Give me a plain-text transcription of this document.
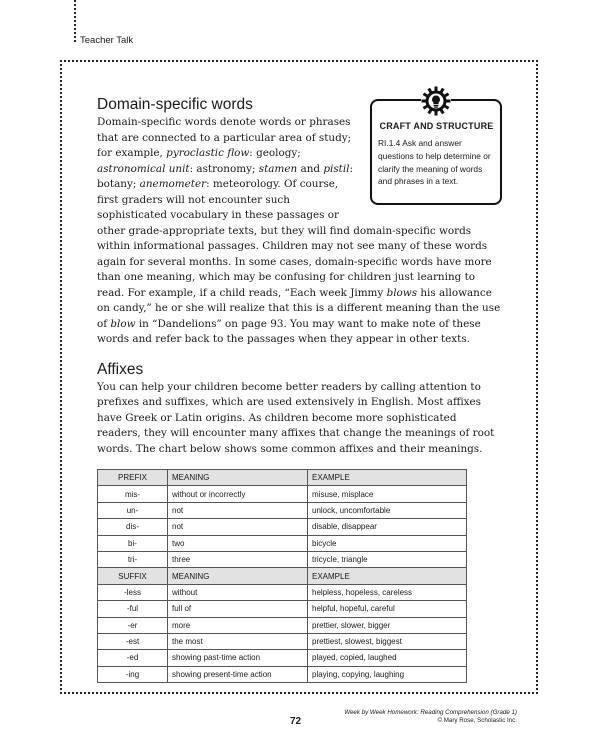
Teacher Talk
CRAFT AND STRUCTURE
RI.1.4 Ask and answer questions to help determine or clarify the meaning of words and phrases in a text.
Domain-specific words

Domain-specific words denote words or phrases that are connected to a particular area of study; for example, pyroclastic flow: geology; astronomical unit: astronomy; stamen and pistil: botany; anemometer: meteorology. Of course, first graders will not encounter such sophisticated vocabulary in these passages or other grade-appropriate texts, but they will find domain-specific words within informational passages. Children may not see many of these words again for several months. In some cases, domain-specific words have more than one meaning, which may be confusing for children just learning to read. For example, if a child reads, “Each week Jimmy blows his allowance on candy,” he or she will realize that this is a different meaning than the use of blow in “Dandelions” on page 93. You may want to make note of these words and refer back to the passages when they appear in other texts.

Affixes

You can help your children become better readers by calling attention to prefixes and suffixes, which are used extensively in English. Most affixes have Greek or Latin origins. As children become more sophisticated readers, they will encounter many affixes that change the meanings of root words. The chart below shows some common affixes and their meanings.

PREFIX	MEANING	EXAMPLE
mis-	without or incorrectly	misuse, misplace
un-	not	unlock, uncomfortable
dis-	not	disable, disappear
bi-	two	bicycle
tri-	three	tricycle, triangle
SUFFIX	MEANING	EXAMPLE
-less	without	helpless, hopeless, careless
-ful	full of	helpful, hopeful, careful
-er	more	prettier, slower, bigger
-est	the most	prettiest, slowest, biggest
-ed	showing past-time action	played, copied, laughed
-ing	showing present-time action	playing, copying, laughing
72
Week by Week Homework: Reading Comprehension (Grade 1)
© Mary Rose, Scholastic Inc.
